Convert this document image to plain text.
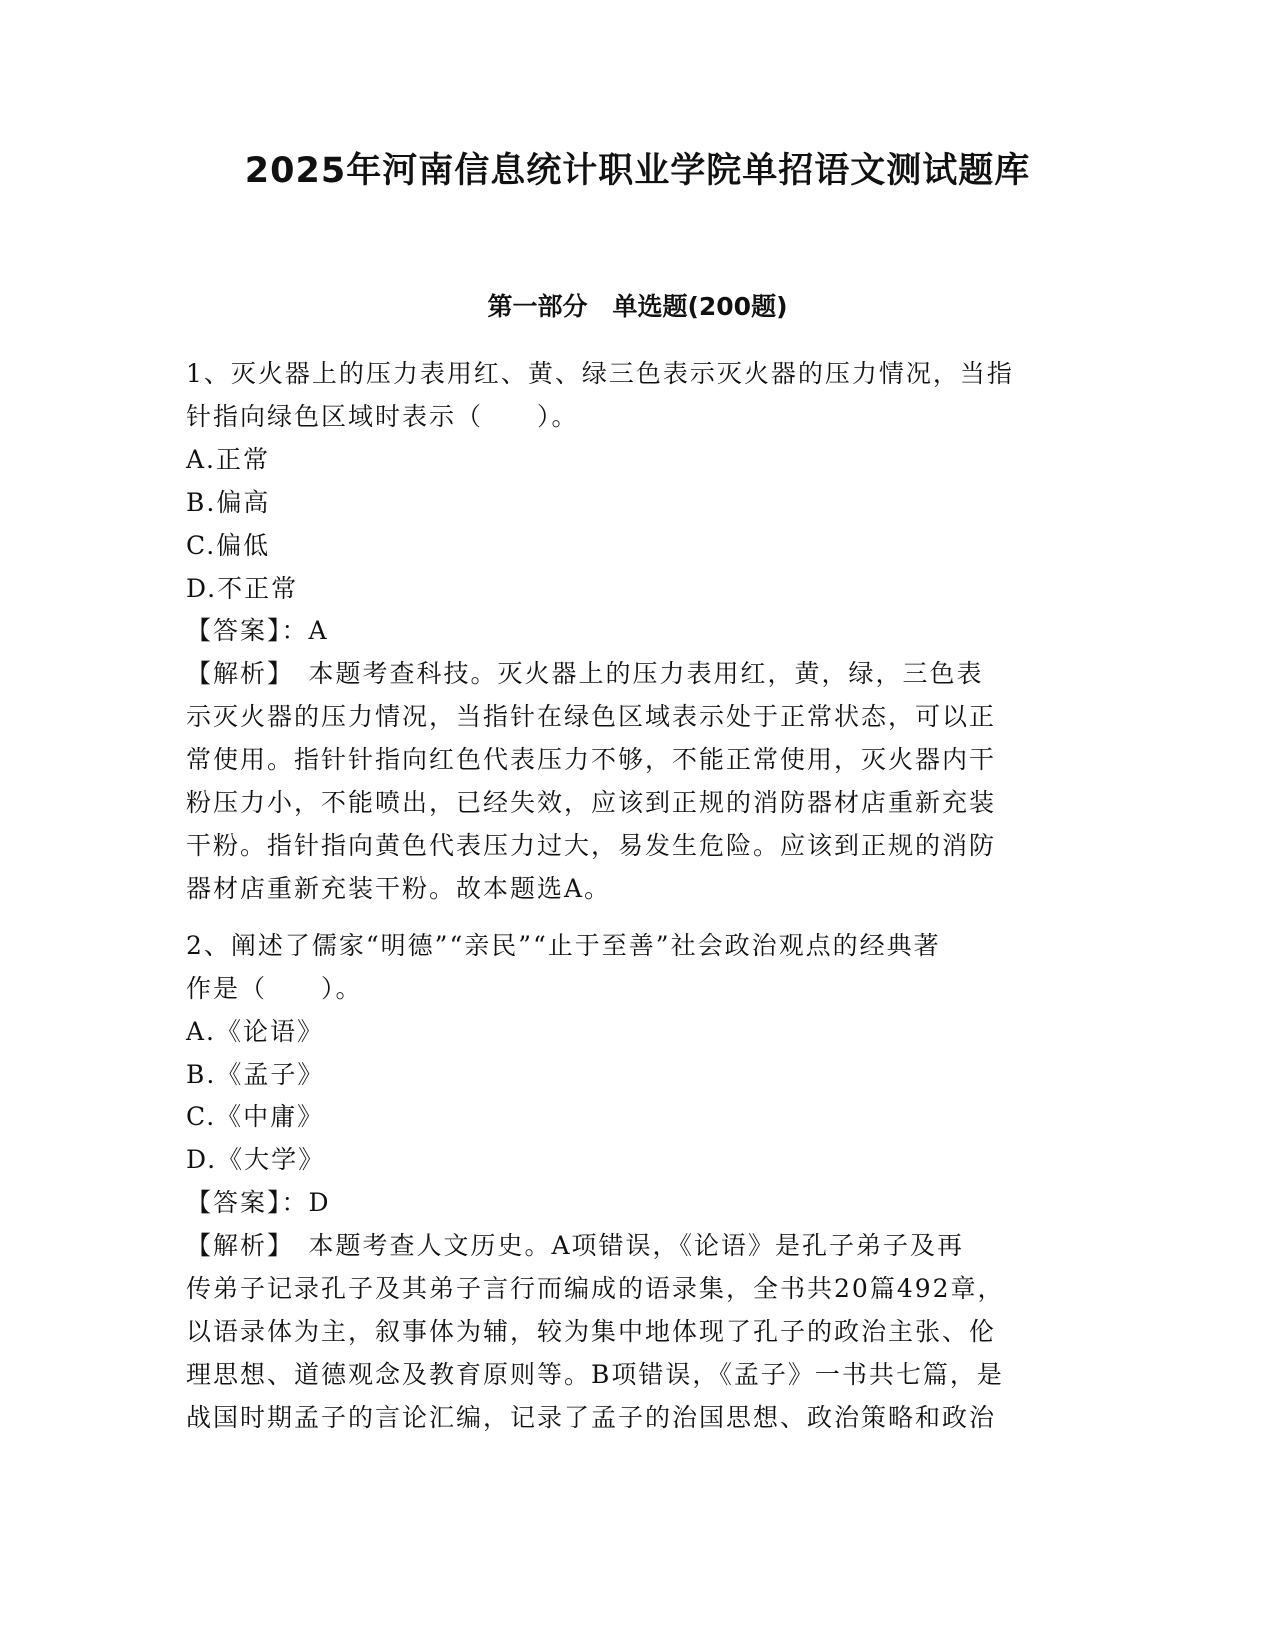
2025年河南信息统计职业学院单招语文测试题库
第一部分　单选题(200题)
1、灭火器上的压力表用红、黄、绿三色表示灭火器的压力情况，当指
针指向绿色区域时表示（　　）。
A.正常
B.偏高
C.偏低
D.不正常
【答案】：A
【解析】　本题考查科技。灭火器上的压力表用红，黄，绿，三色表
示灭火器的压力情况，当指针在绿色区域表示处于正常状态，可以正
常使用。指针针指向红色代表压力不够，不能正常使用，灭火器内干
粉压力小，不能喷出，已经失效，应该到正规的消防器材店重新充装
干粉。指针指向黄色代表压力过大，易发生危险。应该到正规的消防
器材店重新充装干粉。故本题选A。
2、阐述了儒家“明德”“亲民”“止于至善”社会政治观点的经典著
作是（　　）。
A.《论语》
B.《孟子》
C.《中庸》
D.《大学》
【答案】：D
【解析】　本题考查人文历史。A项错误，《论语》是孔子弟子及再
传弟子记录孔子及其弟子言行而编成的语录集，全书共20篇492章，
以语录体为主，叙事体为辅，较为集中地体现了孔子的政治主张、伦
理思想、道德观念及教育原则等。B项错误，《孟子》一书共七篇，是
战国时期孟子的言论汇编，记录了孟子的治国思想、政治策略和政治
